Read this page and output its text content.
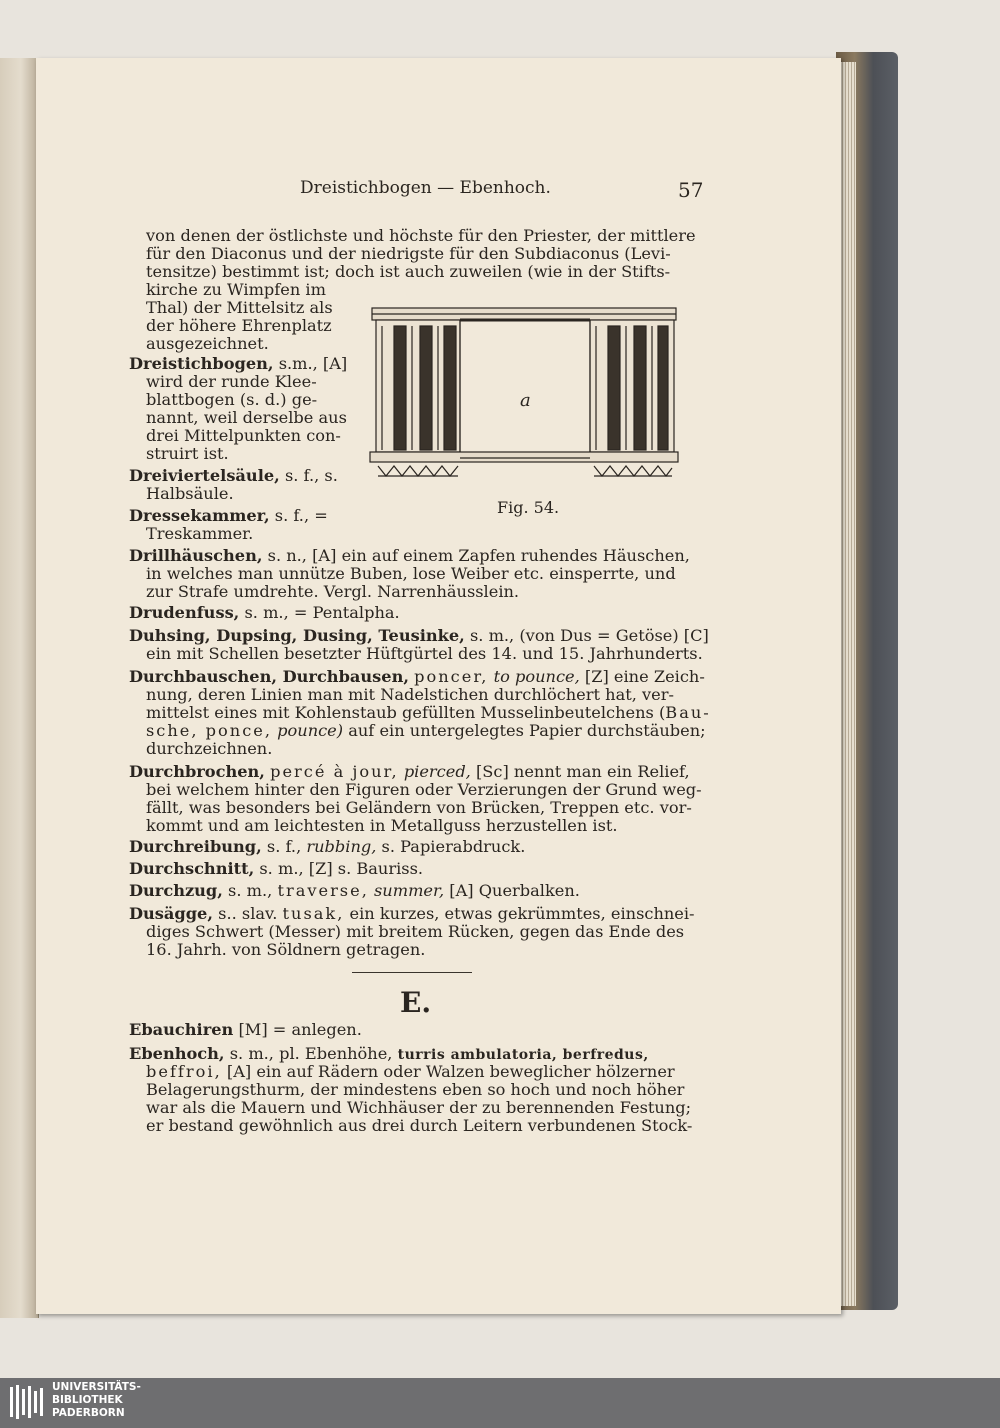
Dreistichbogen — Ebenhoch.	57
von denen der östlichste und höchste für den Priester, der mittlere
für den Diaconus und der niedrigste für den Subdiaconus (Levi-
tensitze) bestimmt ist; doch ist auch zuweilen (wie in der Stifts-
kirche zu Wimpfen im
Thal) der Mittelsitz als
der höhere Ehrenplatz
ausgezeichnet.
Dreistichbogen, s.m., [A]
wird der runde Klee-
blattbogen (s. d.) ge-
nannt, weil derselbe aus
drei Mittelpunkten con-
struirt ist.
Dreiviertelsäule, s. f., s.
Halbsäule.
Dressekammer, s. f., =
Treskammer.
Drillhäuschen, s. n., [A] ein auf einem Zapfen ruhendes Häuschen,
in welches man unnütze Buben, lose Weiber etc. einsperrte, und
zur Strafe umdrehte. Vergl. Narrenhäusslein.
Drudenfuss, s. m., = Pentalpha.
Duhsing, Dupsing, Dusing, Teusinke, s. m., (von Dus = Getöse) [C]
ein mit Schellen besetzter Hüftgürtel des 14. und 15. Jahrhunderts.
Durchbauschen, Durchbausen, poncer, to pounce, [Z] eine Zeich-
nung, deren Linien man mit Nadelstichen durchlöchert hat, ver-
mittelst eines mit Kohlenstaub gefüllten Musselinbeutelchens (Bau-
sche, ponce, pounce) auf ein untergelegtes Papier durchstäuben;
durchzeichnen.
Durchbrochen, percé à jour, pierced, [Sc] nennt man ein Relief,
bei welchem hinter den Figuren oder Verzierungen der Grund weg-
fällt, was besonders bei Geländern von Brücken, Treppen etc. vor-
kommt und am leichtesten in Metallguss herzustellen ist.
Durchreibung, s. f., rubbing, s. Papierabdruck.
Durchschnitt, s. m., [Z] s. Bauriss.
Durchzug, s. m., traverse, summer, [A] Querbalken.
Dusägge, s.. slav. tusak, ein kurzes, etwas gekrümmtes, einschnei-
diges Schwert (Messer) mit breitem Rücken, gegen das Ende des
16. Jahrh. von Söldnern getragen.
Ebauchiren [M] = anlegen.
Ebenhoch, s. m., pl. Ebenhöhe, turris ambulatoria, berfredus,
beffroi, [A] ein auf Rädern oder Walzen beweglicher hölzerner
Belagerungsthurm, der mindestens eben so hoch und noch höher
war als die Mauern und Wichhäuser der zu berennenden Festung;
er bestand gewöhnlich aus drei durch Leitern verbundenen Stock-
a
Fig. 54.
E.
UNIVERSITÄTS-
BIBLIOTHEK
PADERBORN
